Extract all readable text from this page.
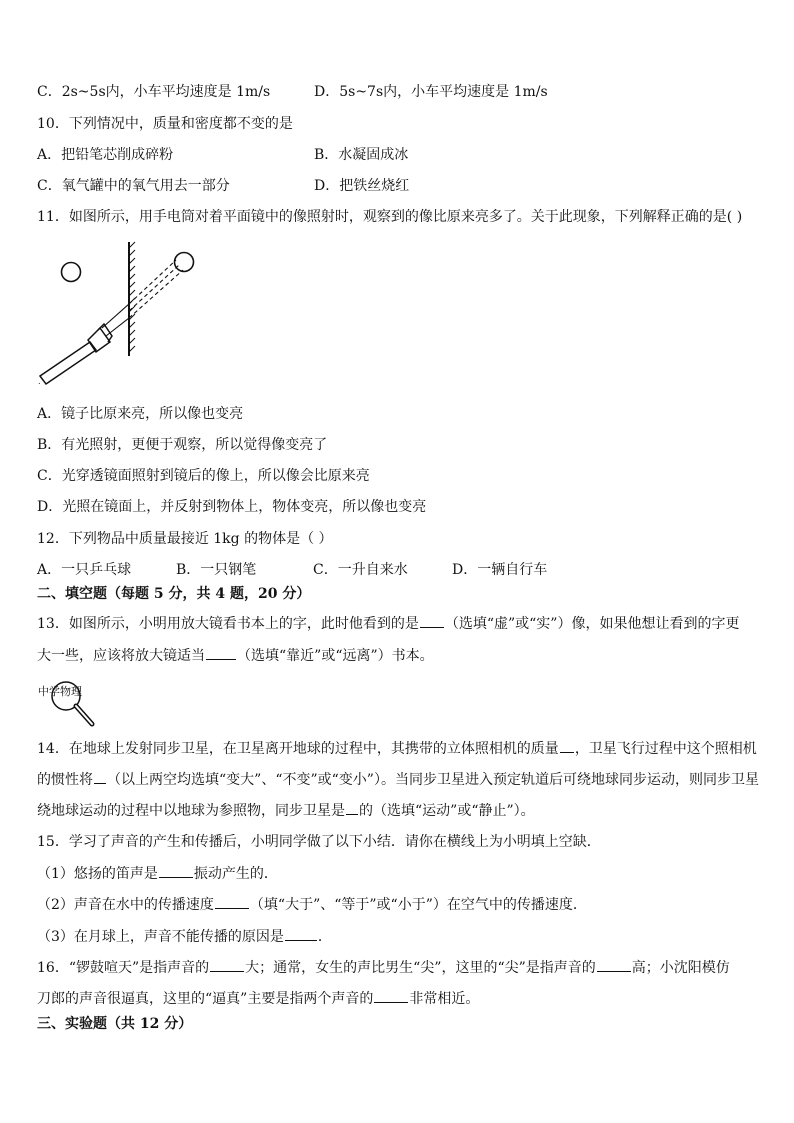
C．2s~5s内，小车平均速度是 1m/s	D．5s~7s内，小车平均速度是 1m/s
10．下列情况中，质量和密度都不变的是
A．把铅笔芯削成碎粉	B．水凝固成冰
C．氧气罐中的氧气用去一部分	D．把铁丝烧红
11．如图所示，用手电筒对着平面镜中的像照射时，观察到的像比原来亮多了。关于此现象，下列解释正确的是( )
.
A．镜子比原来亮，所以像也变亮
B．有光照射，更便于观察，所以觉得像变亮了
C．光穿透镜面照射到镜后的像上，所以像会比原来亮
D．光照在镜面上，并反射到物体上，物体变亮，所以像也变亮
12．下列物品中质量最接近 1kg 的物体是（ ）
A．一只乒乓球	B．一只钢笔	C．一升自来水	D．一辆自行车
二、填空题（每题 5 分，共 4 题，20 分）
13．如图所示，小明用放大镜看书本上的字，此时他看到的是 （选填“虚”或“实”）像，如果他想让看到的字更
大一些，应该将放大镜适当 （选填“靠近”或“远离”）书本。
中学物理
14．在地球上发射同步卫星，在卫星离开地球的过程中，其携带的立体照相机的质量 ，卫星飞行过程中这个照相机
的惯性将 （以上两空均选填“变大”、“不变”或“变小”）。当同步卫星进入预定轨道后可绕地球同步运动，则同步卫星
绕地球运动的过程中以地球为参照物，同步卫星是 的（选填“运动”或“静止”）。
15．学习了声音的产生和传播后，小明同学做了以下小结．请你在横线上为小明填上空缺．
（1）悠扬的笛声是	振动产生的．
（2）声音在水中的传播速度	（填“大于”、“等于”或“小于”）在空气中的传播速度．
（3）在月球上，声音不能传播的原因是 ．
16．“锣鼓喧天”是指声音的	大；通常，女生的声比男生“尖”，这里的“尖”是指声音的	高；小沈阳模仿
刀郎的声音很逼真，这里的“逼真”主要是指两个声音的	非常相近。
三、实验题（共 12 分）
